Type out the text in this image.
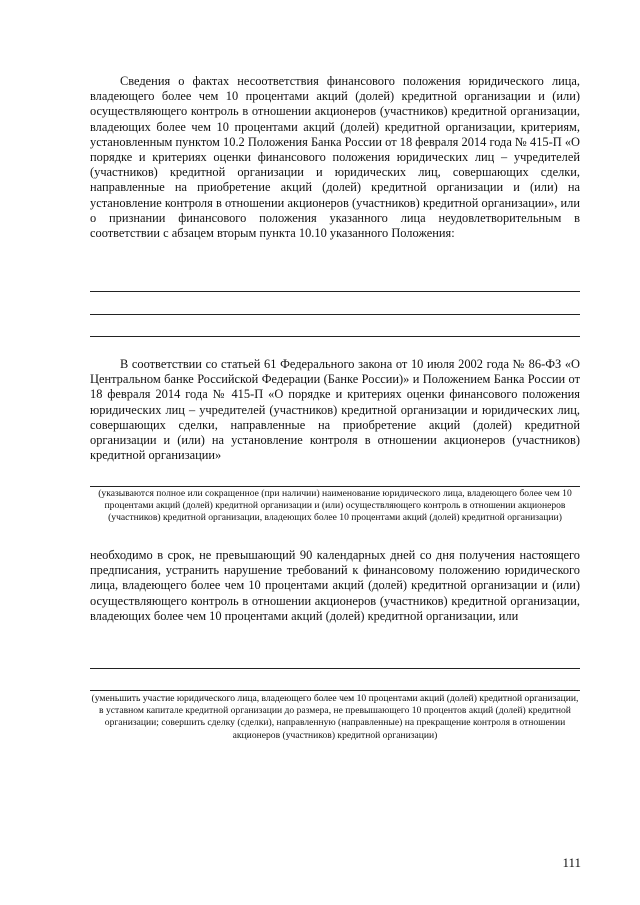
Сведения о фактах несоответствия финансового положения юридического лица, владеющего более чем 10 процентами акций (долей) кредитной организации и (или) осуществляющего контроль в отношении акционеров (участников) кредитной организации, владеющих более чем 10 процентами акций (долей) кредитной организации, критериям, установленным пунктом 10.2 Положения Банка России от 18 февраля 2014 года № 415-П «О порядке и критериях оценки финансового положения юридических лиц – учредителей (участников) кредитной организации и юридических лиц, совершающих сделки, направленные на приобретение акций (долей) кредитной организации и (или) на установление контроля в отношении акционеров (участников) кредитной организации», или о признании финансового положения указанного лица неудовлетворительным в соответствии с абзацем вторым пункта 10.10 указанного Положения:

В соответствии со статьей 61 Федерального закона от 10 июля 2002 года № 86-ФЗ «О Центральном банке Российской Федерации (Банке России)» и Положением Банка России от 18 февраля 2014 года № 415-П «О порядке и критериях оценки финансового положения юридических лиц – учредителей (участников) кредитной организации и юридических лиц, совершающих сделки, направленные на приобретение акций (долей) кредитной организации и (или) на установление контроля в отношении акционеров (участников) кредитной организации»

(указываются полное или сокращенное (при наличии) наименование юридического лица, владеющего более чем 10 процентами акций (долей) кредитной организации и (или) осуществляющего контроль в отношении акционеров (участников) кредитной организации, владеющих более 10 процентами акций (долей) кредитной организации)

необходимо в срок, не превышающий 90 календарных дней со дня получения настоящего предписания, устранить нарушение требований к финансовому положению юридического лица, владеющего более чем 10 процентами акций (долей) кредитной организации и (или) осуществляющего контроль в отношении акционеров (участников) кредитной организации, владеющих более чем 10 процентами акций (долей) кредитной организации, или

(уменьшить участие юридического лица, владеющего более чем 10 процентами акций (долей) кредитной организации, в уставном капитале кредитной организации до размера, не превышающего 10 процентов акций (долей) кредитной организации; совершить сделку (сделки), направленную (направленные) на прекращение контроля в отношении акционеров (участников) кредитной организации)

111
